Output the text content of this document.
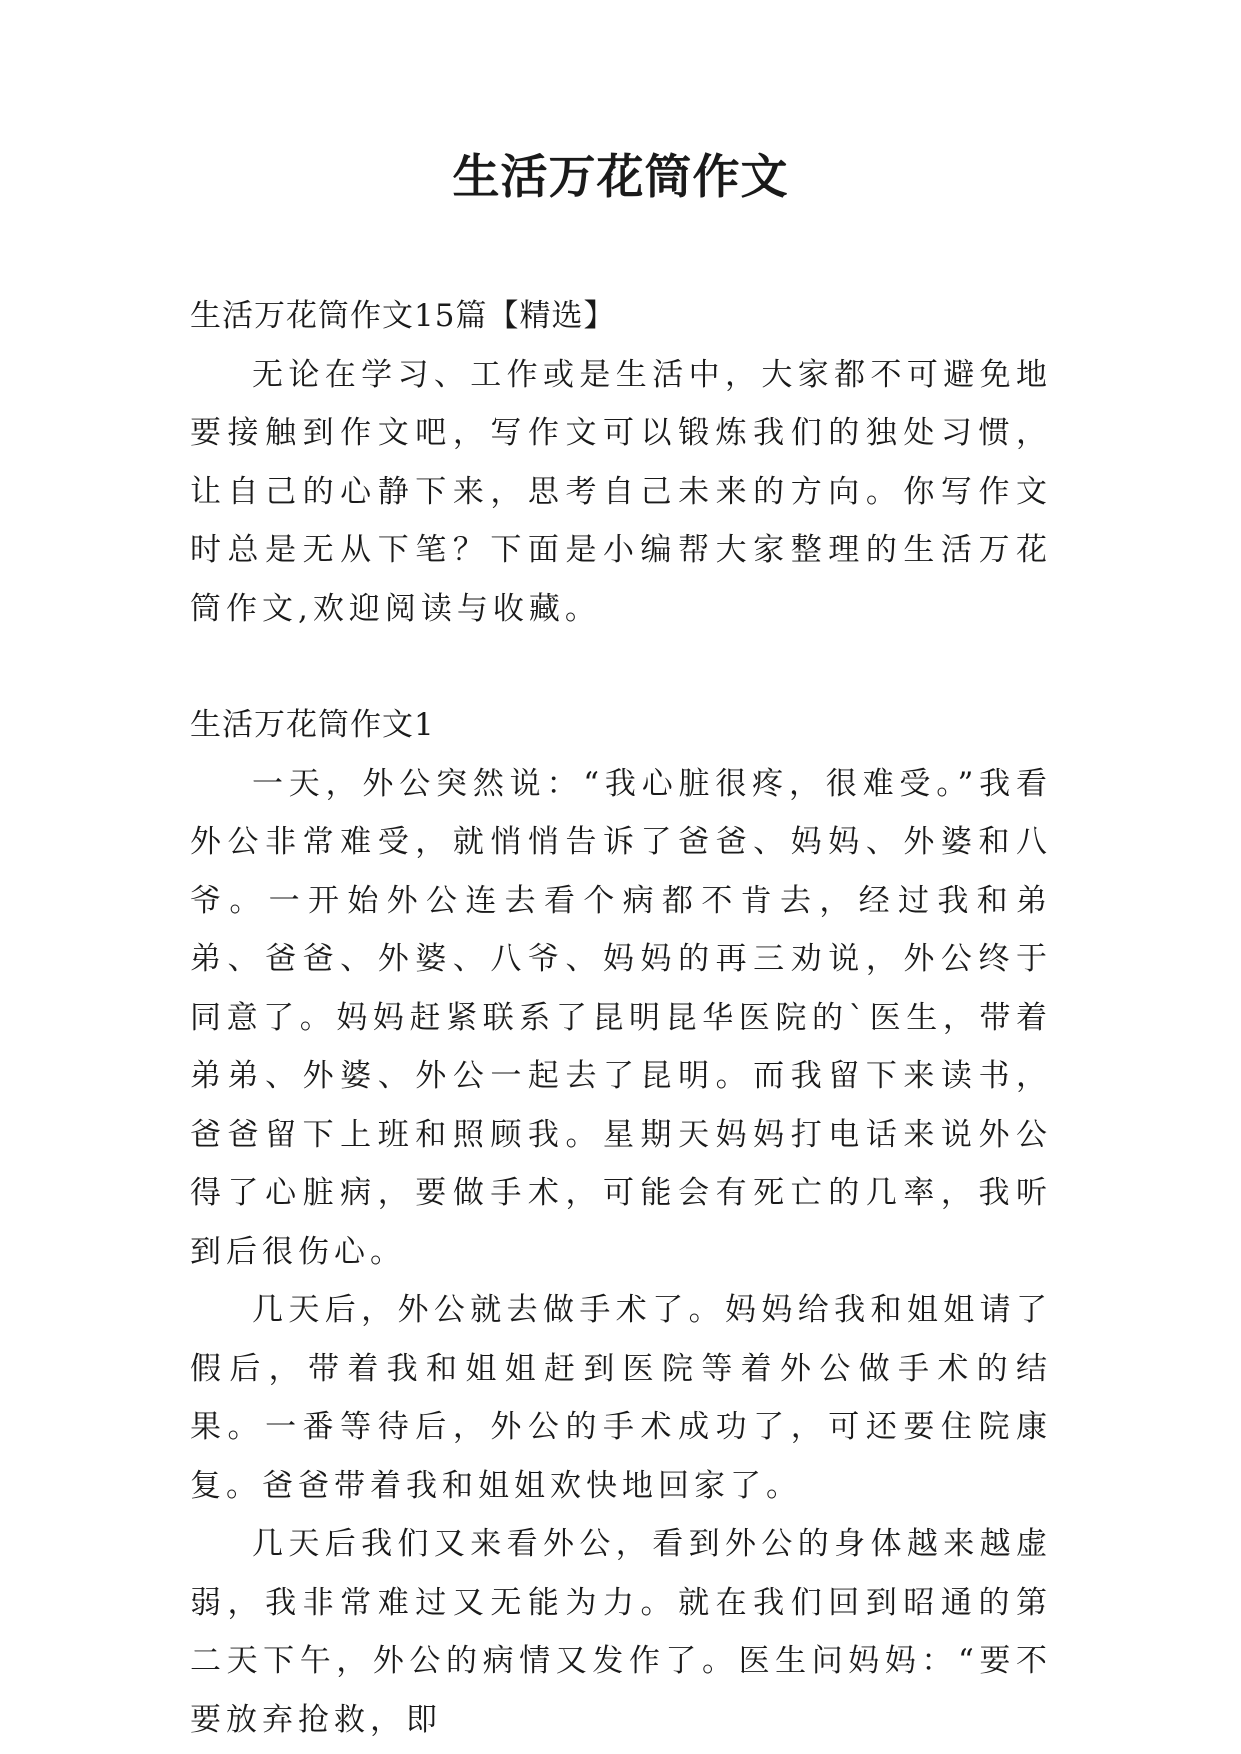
生活万花筒作文

生活万花筒作文15篇【精选】

无论在学习、工作或是生活中，大家都不可避免地要接触到作文吧，写作文可以锻炼我们的独处习惯，让自己的心静下来，思考自己未来的方向。你写作文时总是无从下笔？下面是小编帮大家整理的生活万花筒作文,欢迎阅读与收藏。

生活万花筒作文1

一天，外公突然说：“我心脏很疼，很难受。”我看外公非常难受，就悄悄告诉了爸爸、妈妈、外婆和八爷。一开始外公连去看个病都不肯去，经过我和弟弟、爸爸、外婆、八爷、妈妈的再三劝说，外公终于同意了。妈妈赶紧联系了昆明昆华医院的`医生，带着弟弟、外婆、外公一起去了昆明。而我留下来读书，爸爸留下上班和照顾我。星期天妈妈打电话来说外公得了心脏病，要做手术，可能会有死亡的几率，我听到后很伤心。

几天后，外公就去做手术了。妈妈给我和姐姐请了假后，带着我和姐姐赶到医院等着外公做手术的结果。一番等待后，外公的手术成功了，可还要住院康复。爸爸带着我和姐姐欢快地回家了。

几天后我们又来看外公，看到外公的身体越来越虚弱，我非常难过又无能为力。就在我们回到昭通的第二天下午，外公的病情又发作了。医生问妈妈：“要不要放弃抢救，即
